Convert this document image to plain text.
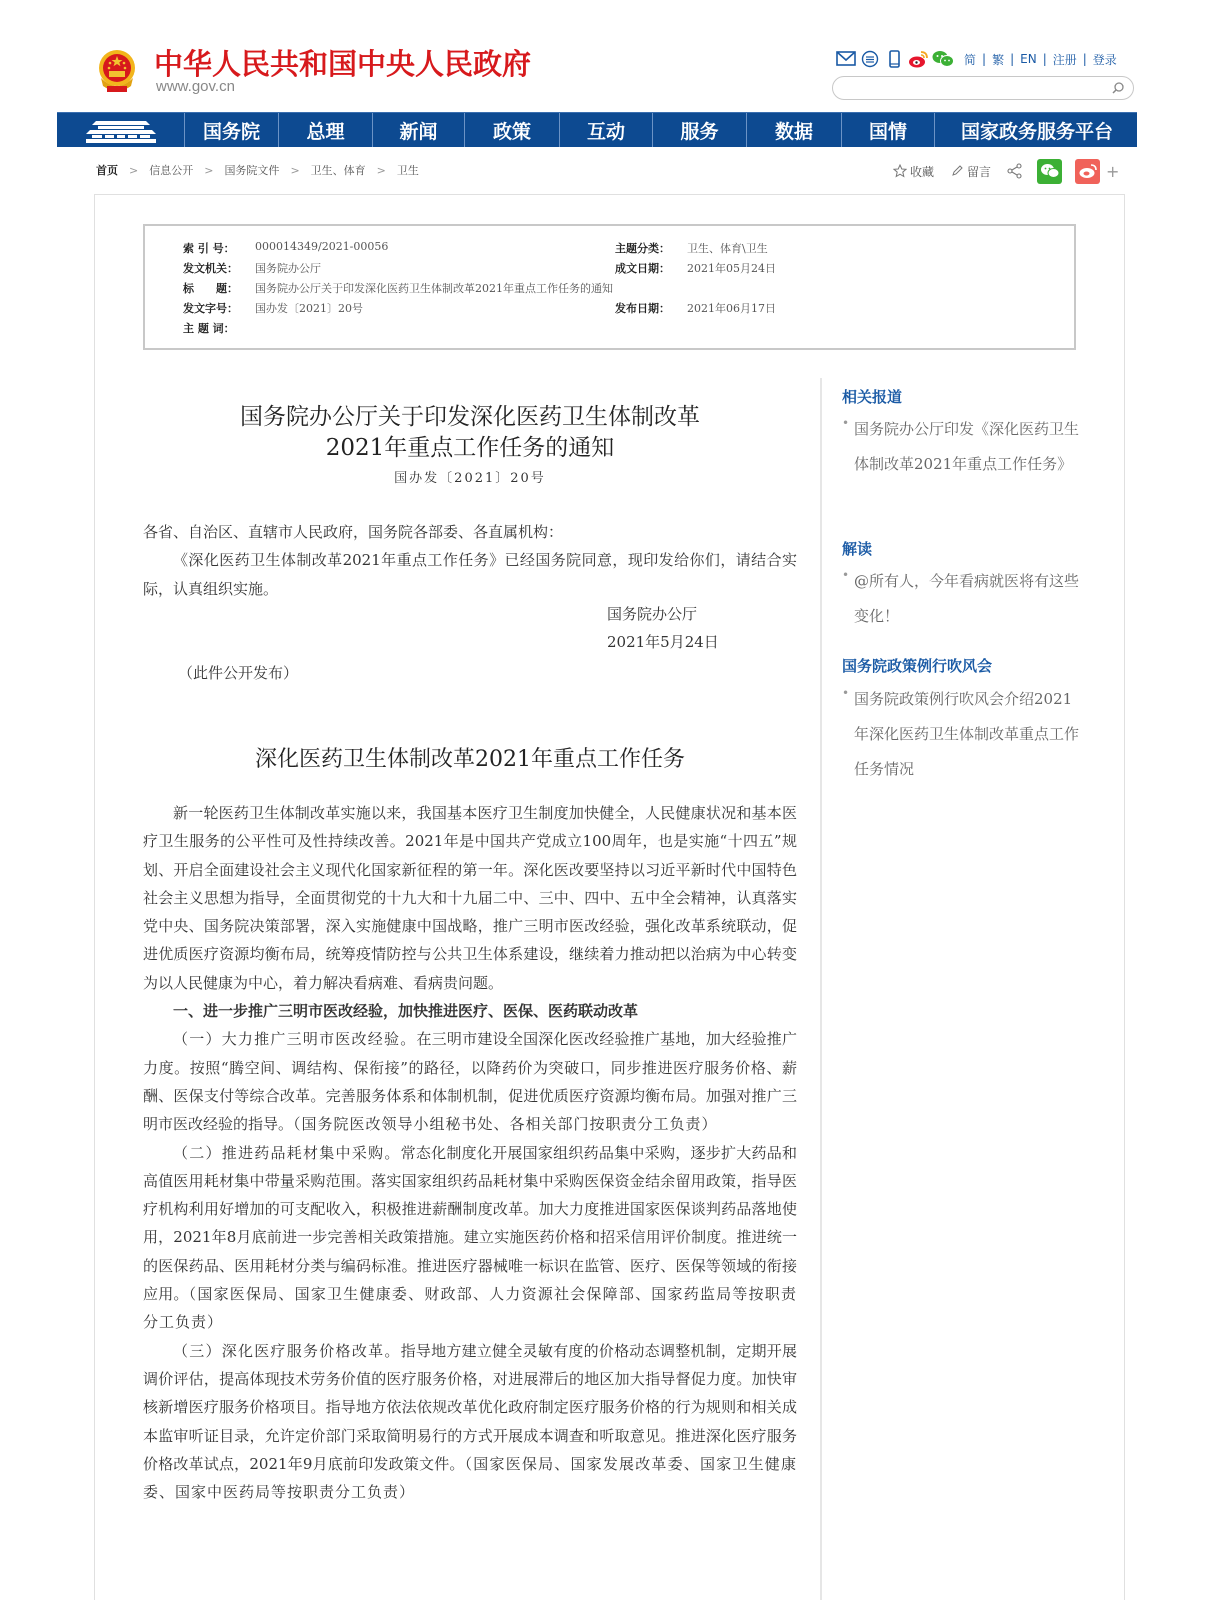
中华人民共和国中央人民政府
www.gov.cn
简 | 繁 | EN | 注册 | 登录
国务院	总理	新闻	政策	互动	服务	数据	国情	国家政务服务平台
首页 > 信息公开 > 国务院文件 > 卫生、体育 > 卫生	收藏	留言	+
索 引 号：	000014349/2021-00056	主题分类：	卫生、体育\卫生
发文机关：	国务院办公厅	成文日期：	2021年05月24日
标　　题：	国务院办公厅关于印发深化医药卫生体制改革2021年重点工作任务的通知
发文字号：	国办发〔2021〕20号	发布日期：	2021年06月17日
主 题 词：
国务院办公厅关于印发深化医药卫生体制改革
2021年重点工作任务的通知
国办发〔2021〕20号

各省、自治区、直辖市人民政府，国务院各部委、各直属机构：

《深化医药卫生体制改革2021年重点工作任务》已经国务院同意，现印发给你们，请结合实际，认真组织实施。

国务院办公厅
2021年5月24日
（此件公开发布）
深化医药卫生体制改革2021年重点工作任务

新一轮医药卫生体制改革实施以来，我国基本医疗卫生制度加快健全，人民健康状况和基本医疗卫生服务的公平性可及性持续改善。2021年是中国共产党成立100周年，也是实施“十四五”规划、开启全面建设社会主义现代化国家新征程的第一年。深化医改要坚持以习近平新时代中国特色社会主义思想为指导，全面贯彻党的十九大和十九届二中、三中、四中、五中全会精神，认真落实党中央、国务院决策部署，深入实施健康中国战略，推广三明市医改经验，强化改革系统联动，促进优质医疗资源均衡布局，统筹疫情防控与公共卫生体系建设，继续着力推动把以治病为中心转变为以人民健康为中心，着力解决看病难、看病贵问题。

一、进一步推广三明市医改经验，加快推进医疗、医保、医药联动改革

（一）大力推广三明市医改经验。在三明市建设全国深化医改经验推广基地，加大经验推广力度。按照“腾空间、调结构、保衔接”的路径，以降药价为突破口，同步推进医疗服务价格、薪酬、医保支付等综合改革。完善服务体系和体制机制，促进优质医疗资源均衡布局。加强对推广三明市医改经验的指导。（国务院医改领导小组秘书处、各相关部门按职责分工负责）

（二）推进药品耗材集中采购。常态化制度化开展国家组织药品集中采购，逐步扩大药品和高值医用耗材集中带量采购范围。落实国家组织药品耗材集中采购医保资金结余留用政策，指导医疗机构利用好增加的可支配收入，积极推进薪酬制度改革。加大力度推进国家医保谈判药品落地使用，2021年8月底前进一步完善相关政策措施。建立实施医药价格和招采信用评价制度。推进统一的医保药品、医用耗材分类与编码标准。推进医疗器械唯一标识在监管、医疗、医保等领域的衔接应用。（国家医保局、国家卫生健康委、财政部、人力资源社会保障部、国家药监局等按职责分工负责）

（三）深化医疗服务价格改革。指导地方建立健全灵敏有度的价格动态调整机制，定期开展调价评估，提高体现技术劳务价值的医疗服务价格，对进展滞后的地区加大指导督促力度。加快审核新增医疗服务价格项目。指导地方依法依规改革优化政府制定医疗服务价格的行为规则和相关成本监审听证目录，允许定价部门采取简明易行的方式开展成本调查和听取意见。推进深化医疗服务价格改革试点，2021年9月底前印发政策文件。（国家医保局、国家发展改革委、国家卫生健康委、国家中医药局等按职责分工负责）

相关报道
• 国务院办公厅印发《深化医药卫生体制改革2021年重点工作任务》
解读
• @所有人，今年看病就医将有这些变化！
国务院政策例行吹风会
• 国务院政策例行吹风会介绍2021年深化医药卫生体制改革重点工作任务情况
